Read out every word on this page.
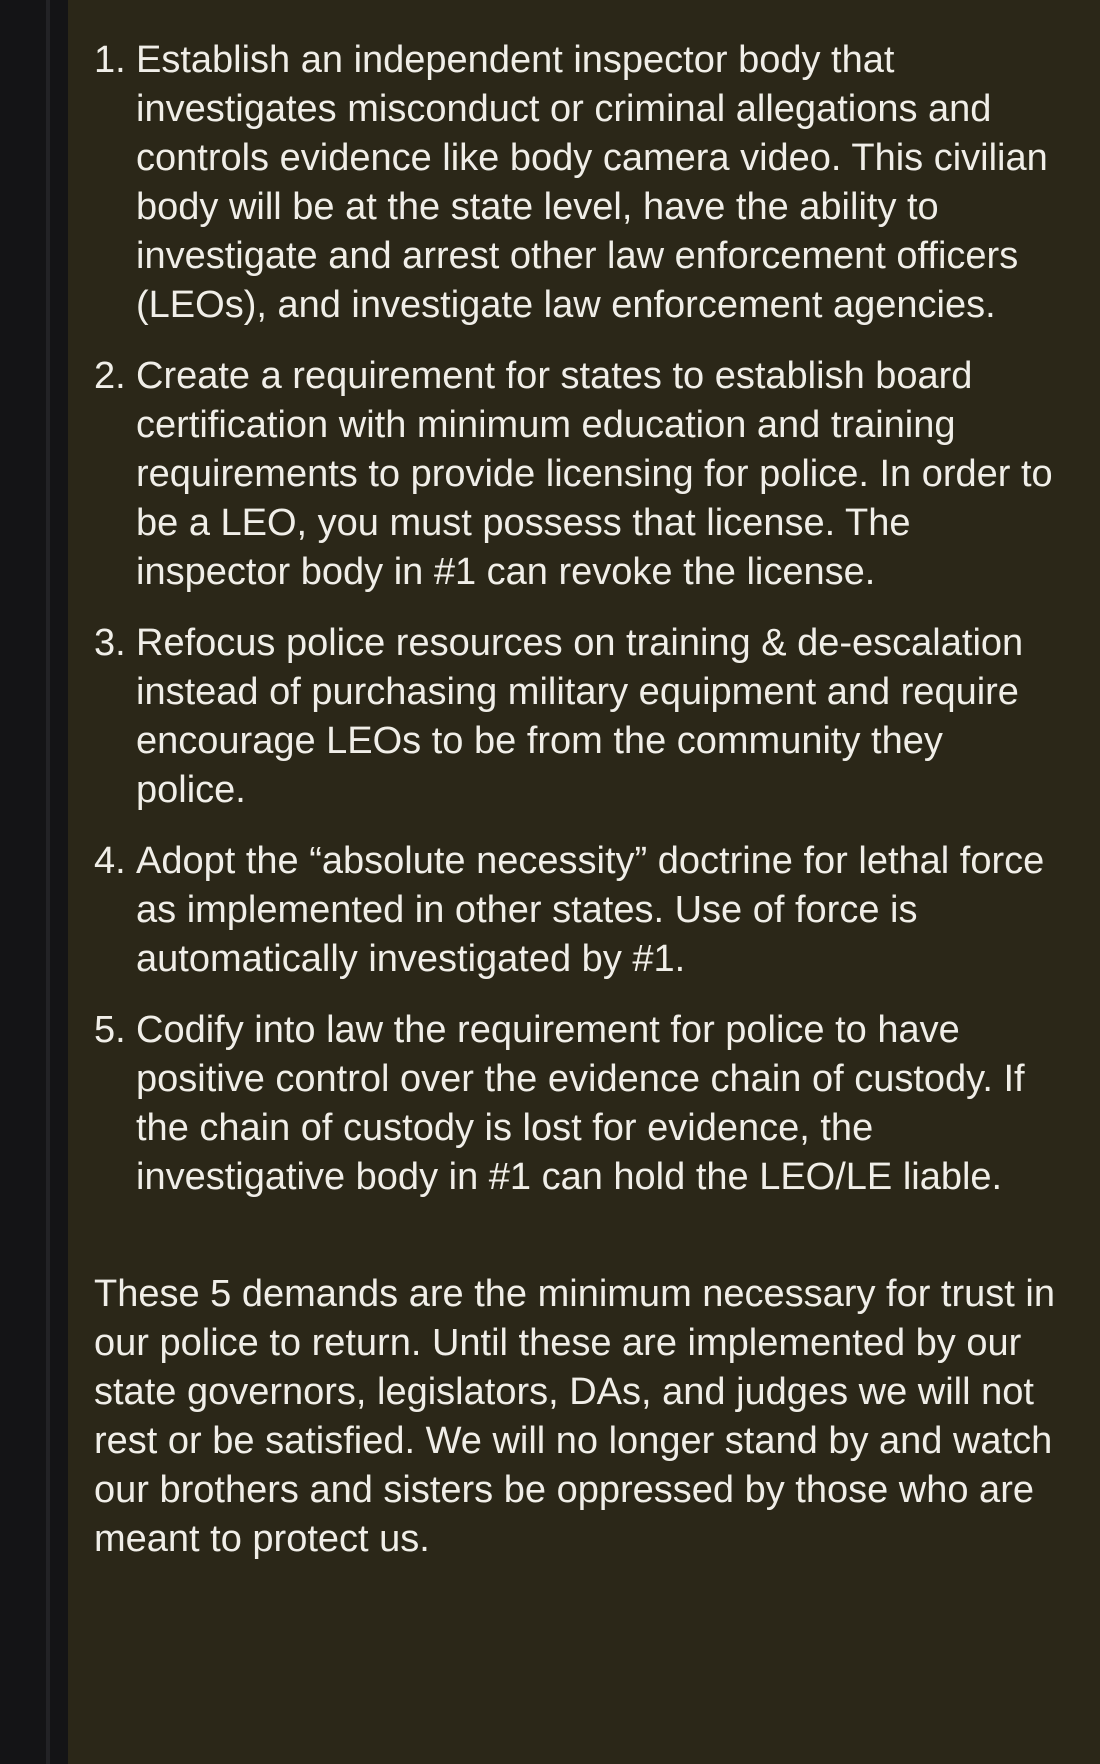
1. Establish an independent inspector body that investigates misconduct or criminal allegations and controls evidence like body camera video. This civilian body will be at the state level, have the ability to investigate and arrest other law enforcement officers (LEOs), and investigate law enforcement agencies.
2. Create a requirement for states to establish board certification with minimum education and training requirements to provide licensing for police. In order to be a LEO, you must possess that license. The inspector body in #1 can revoke the license.
3. Refocus police resources on training & de-escalation instead of purchasing military equipment and require encourage LEOs to be from the community they police.
4. Adopt the “absolute necessity” doctrine for lethal force as implemented in other states. Use of force is automatically investigated by #1.
5. Codify into law the requirement for police to have positive control over the evidence chain of custody. If the chain of custody is lost for evidence, the investigative body in #1 can hold the LEO/LE liable.

These 5 demands are the minimum necessary for trust in our police to return. Until these are implemented by our state governors, legislators, DAs, and judges we will not rest or be satisfied. We will no longer stand by and watch our brothers and sisters be oppressed by those who are meant to protect us.
